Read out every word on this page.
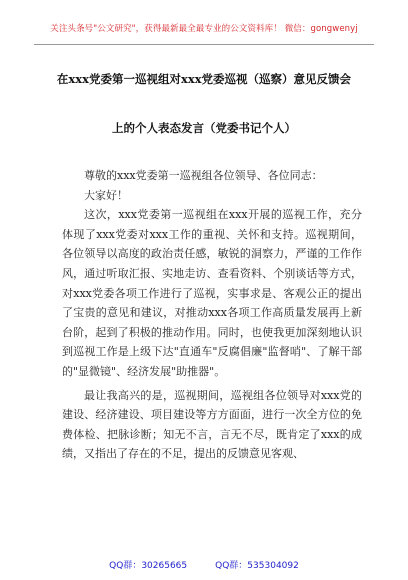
关注头条号"公文研究"，获得最新最全最专业的公文资料库！ 微信：gongwenyj
在xxx党委第一巡视组对xxx党委巡视（巡察）意见反馈会
上的个人表态发言（党委书记个人）

尊敬的xxx党委第一巡视组各位领导、各位同志：

大家好！

这次，xxx党委第一巡视组在xxx开展的巡视工作，充分体现了xxx党委对xxx工作的重视、关怀和支持。巡视期间，各位领导以高度的政治责任感，敏锐的洞察力，严谨的工作作风，通过听取汇报、实地走访、查看资料、个别谈话等方式，对xxx党委各项工作进行了巡视，实事求是、客观公正的提出了宝贵的意见和建议，对推动xxx各项工作高质量发展再上新台阶，起到了积极的推动作用。同时，也使我更加深刻地认识到巡视工作是上级下达"直通车"反腐倡廉"监督哨"、了解干部的"显微镜"、经济发展"助推器"。

最让我高兴的是，巡视期间，巡视组各位领导对xxx党的建设、经济建设、项目建设等方方面面，进行一次全方位的免费体检、把脉诊断；知无不言，言无不尽，既肯定了xxx的成绩，又指出了存在的不足，提出的反馈意见客观、

QQ群：30265665	QQ群：535304092
